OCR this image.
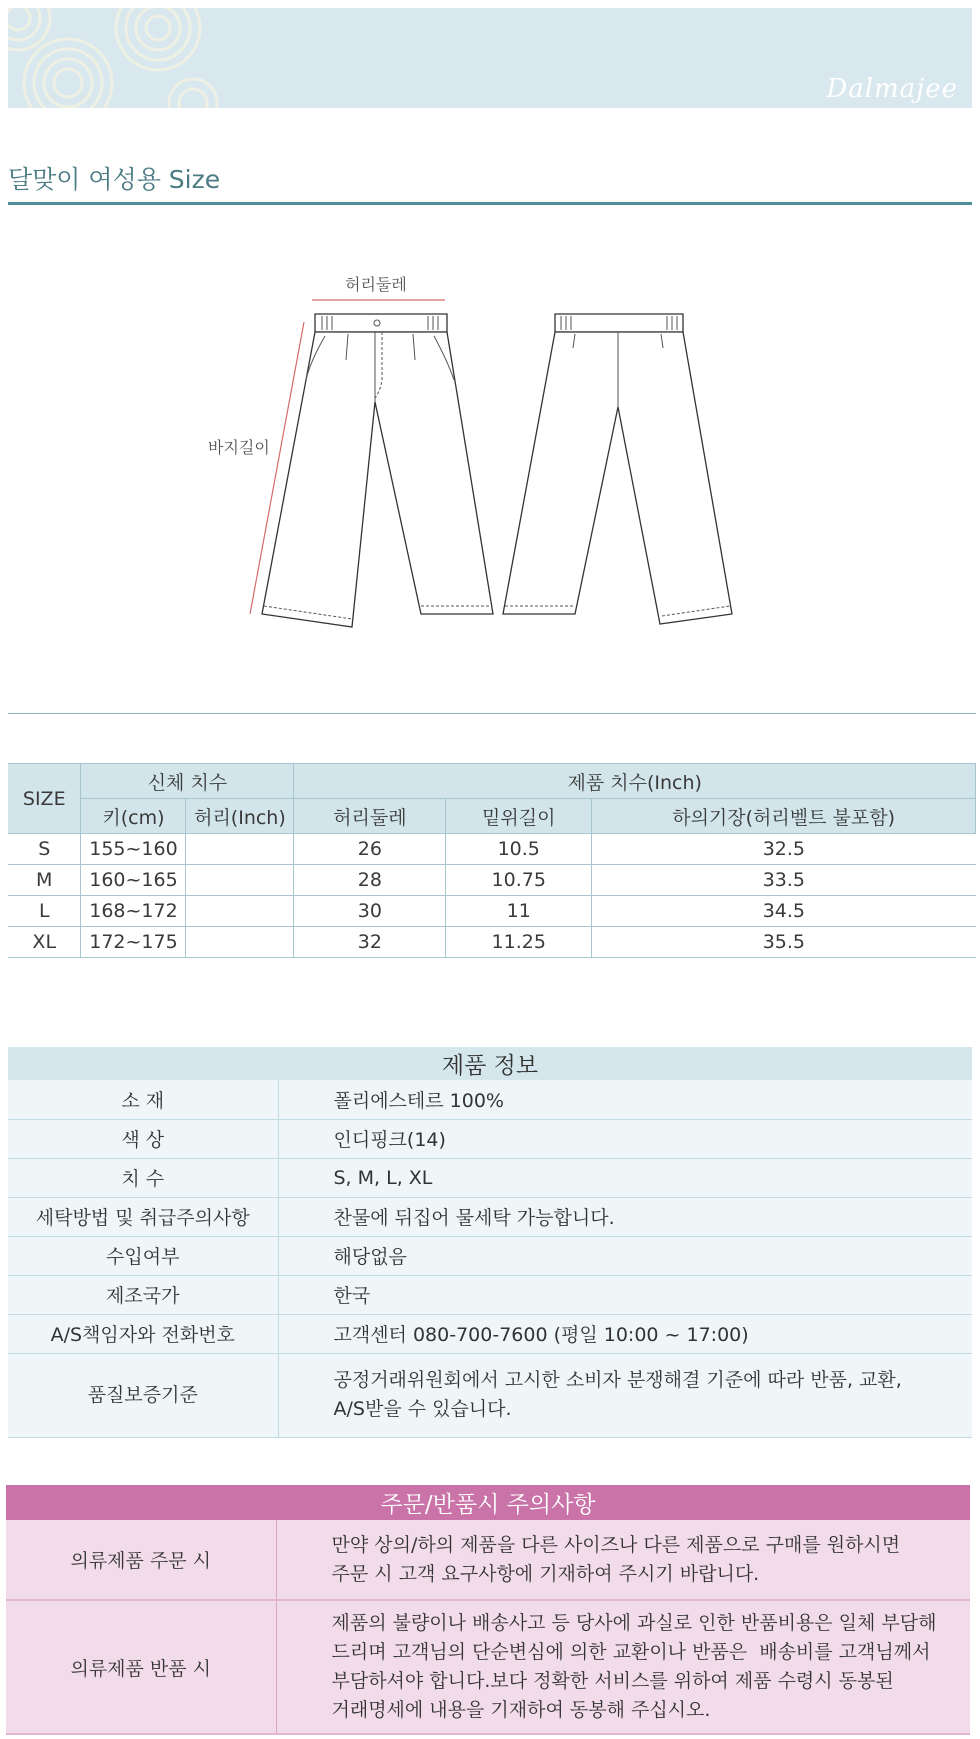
Dalmajee
달맞이 여성용 Size
허리둘레
바지길이
SIZE	신체 치수		제품 치수(Inch)		
	키(cm)	허리(Inch)	허리둘레	밑위길이	하의기장(허리벨트 불포함)
S	155~160		26	10.5	32.5
M	160~165		28	10.75	33.5
L	168~172		30	11	34.5
XL	172~175		32	11.25	35.5
제품 정보	
소 재	폴리에스테르 100%
색 상	인디핑크(14)
치 수	S, M, L, XL
세탁방법 및 취급주의사항	찬물에 뒤집어 물세탁 가능합니다.
수입여부	해당없음
제조국가	한국
A/S책임자와 전화번호	고객센터 080-700-7600 (평일 10:00 ~ 17:00)
품질보증기준	공정거래위원회에서 고시한 소비자 분쟁해결 기준에 따라 반품, 교환,
A/S받을 수 있습니다.
주문/반품시 주의사항	
의류제품 주문 시	만약 상의/하의 제품을 다른 사이즈나 다른 제품으로 구매를 원하시면
주문 시 고객 요구사항에 기재하여 주시기 바랍니다.

의류제품 반품 시	제품의 불량이나 배송사고 등 당사에 과실로 인한 반품비용은 일체 부담해
드리며 고객님의 단순변심에 의한 교환이나 반품은  배송비를 고객님께서
부담하셔야 합니다.보다 정확한 서비스를 위하여 제품 수령시 동봉된
거래명세에 내용을 기재하여 동봉해 주십시오.
